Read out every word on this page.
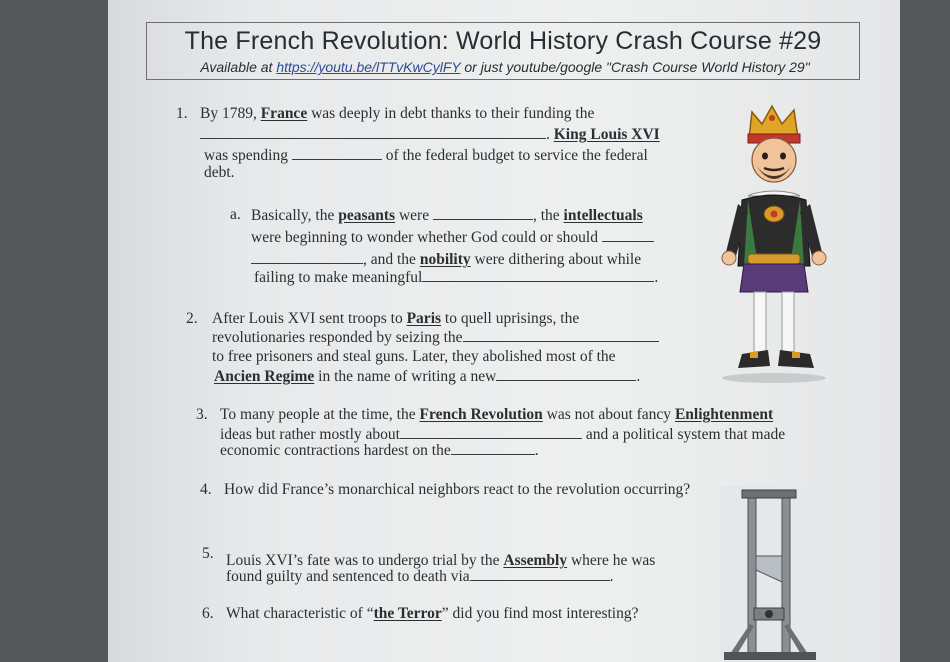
The French Revolution: World History Crash Course #29
Available at https://youtu.be/lTTvKwCylFY or just youtube/google "Crash Course World History 29"
1. By 1789, France was deeply in debt thanks to their funding the
. King Louis XVI
was spending	of the federal budget to service the federal
debt.
a. Basically, the peasants were	, the intellectuals
were beginning to wonder whether God could or should
, and the nobility were dithering about while
failing to make meaningful	.
2. After Louis XVI sent troops to Paris to quell uprisings, the
revolutionaries responded by seizing the
to free prisoners and steal guns. Later, they abolished most of the
Ancien Regime in the name of writing a new	.
3. To many people at the time, the French Revolution was not about fancy Enlightenment
ideas but rather mostly about	and a political system that made
economic contractions hardest on the	.
4. How did France’s monarchical neighbors react to the revolution occurring?
5. Louis XVI’s fate was to undergo trial by the Assembly where he was
found guilty and sentenced to death via	.
6. What characteristic of “the Terror” did you find most interesting?
